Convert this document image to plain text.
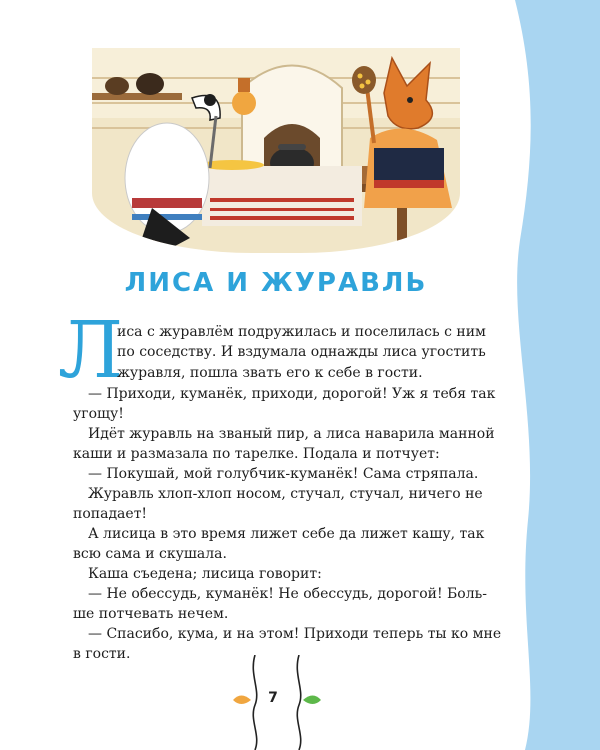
ЛИСА И ЖУРАВЛЬ
Л
иса с журавлём подружилась и поселилась с ним
по соседству. И вздумала однажды лиса угостить
журавля, пошла звать его к себе в гости.
— Приходи, куманёк, приходи, дорогой! Уж я тебя так
угощу!
Идёт журавль на званый пир, а лиса наварила манной
каши и размазала по тарелке. Подала и потчует:
— Покушай, мой голубчик-куманёк! Сама стряпала.
Журавль хлоп-хлоп носом, стучал, стучал, ничего не
попадает!
А лисица в это время лижет себе да лижет кашу, так
всю сама и скушала.
Каша съедена; лисица говорит:
— Не обессудь, куманёк! Не обессудь, дорогой! Боль-
ше потчевать нечем.
— Спасибо, кума, и на этом! Приходи теперь ты ко мне
в гости.
7
